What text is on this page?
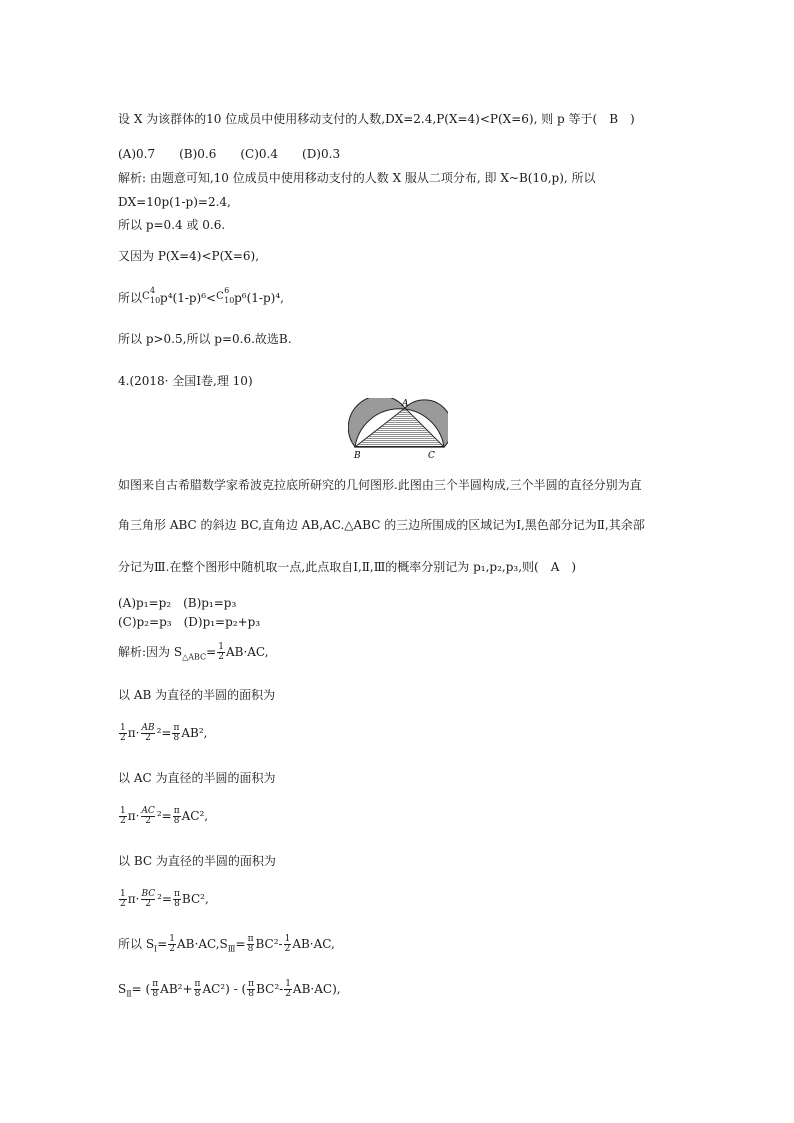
设 X 为该群体的10 位成员中使用移动支付的人数,DX=2.4,P(X=4)<P(X=6), 则 p 等于(　B　)
(A)0.7　　(B)0.6　　(C)0.4　　(D)0.3
解析: 由题意可知,10 位成员中使用移动支付的人数 X 服从二项分布, 即 X~B(10,p), 所以
DX=10p(1-p)=2.4,
所以 p=0.4 或 0.6.
又因为 P(X=4)<P(X=6),
所以 C
4
10 p⁴(1-p)⁶< C
6
10 p⁶(1-p)⁴,
所以 p>0.5,所以 p=0.6.故选B.
4.(2018· 全国Ⅰ卷,理 10)
A
B	C
如图来自古希腊数学家希波克拉底所研究的几何图形.此图由三个半圆构成,三个半圆的直径分别为直
角三角形 ABC 的斜边 BC,直角边 AB,AC.△ABC 的三边所围成的区域记为Ⅰ,黑色部分记为Ⅱ,其余部
分记为Ⅲ.在整个图形中随机取一点,此点取自Ⅰ,Ⅱ,Ⅲ的概率分别记为 p₁,p₂,p₃,则(　A　)
(A)p₁=p₂　(B)p₁=p₃
(C)p₂=p₃　(D)p₁=p₂+p₃
解析:因为 $S_{\triangle ABC}= \frac{1}{2} AB\cdot AC$,
以 AB 为直径的半圆的面积为
$\frac{1}{2} \pi\cdot \frac{AB}{2} ^2= \frac{\pi}{8} AB^2$,
以 AC 为直径的半圆的面积为
$\frac{1}{2} \pi\cdot \frac{AC}{2} ^2= \frac{\pi}{8} AC^2$,
以 BC 为直径的半圆的面积为
$\frac{1}{2} \pi\cdot \frac{BC}{2} ^2= \frac{\pi}{8} BC^2$,
所以 $S_Ⅰ= \frac{1}{2} AB\cdot AC,S_Ⅲ= \frac{\pi}{8} BC^2- \frac{1}{2} AB\cdot AC$,
$S_Ⅱ=$ ( $\frac{\pi}{8} AB^2+ \frac{\pi}{8} AC^2$) - ( $\frac{\pi}{8} BC^2- \frac{1}{2} AB\cdot AC$),
